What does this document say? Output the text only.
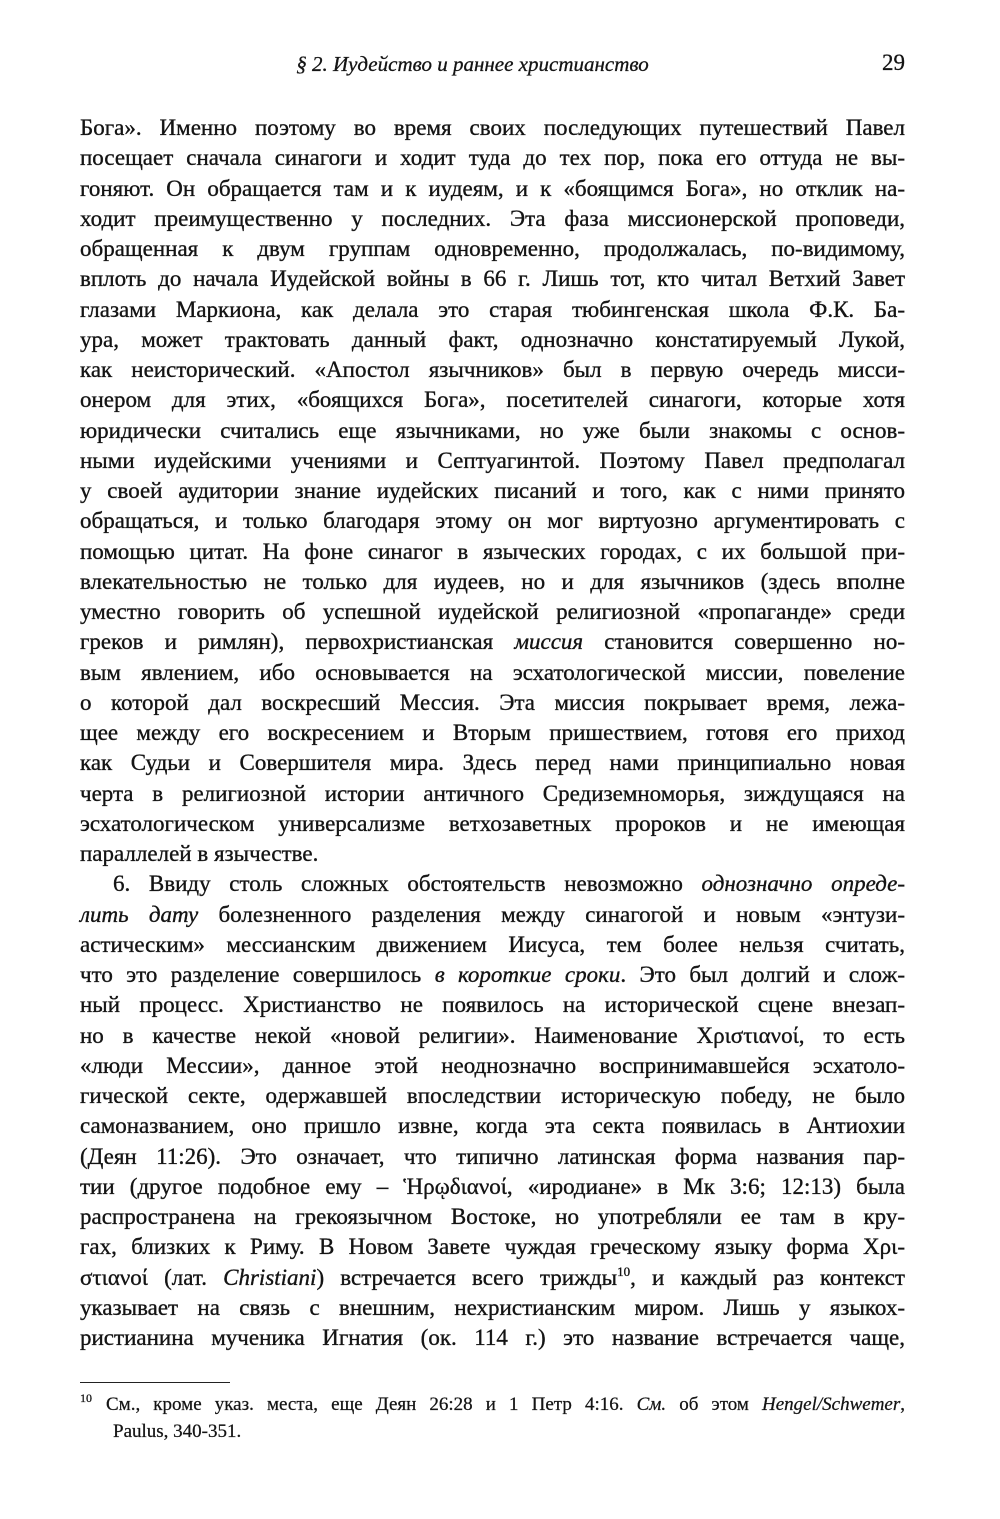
§ 2. Иудейство и раннее христианство	29
Бога». Именно поэтому во время своих последующих путешествий Павел
посещает сначала синагоги и ходит туда до тех пор, пока его оттуда не вы-
гоняют. Он обращается там и к иудеям, и к «боящимся Бога», но отклик на-
ходит преимущественно у последних. Эта фаза миссионерской проповеди,
обращенная к двум группам одновременно, продолжалась, по-видимому,
вплоть до начала Иудейской войны в 66 г. Лишь тот, кто читал Ветхий Завет
глазами Маркиона, как делала это старая тюбингенская школа Ф.К. Ба-
ура, может трактовать данный факт, однозначно констатируемый Лукой,
как неисторический. «Апостол язычников» был в первую очередь мисси-
онером для этих, «боящихся Бога», посетителей синагоги, которые хотя
юридически считались еще язычниками, но уже были знакомы с основ-
ными иудейскими учениями и Септуагинтой. Поэтому Павел предполагал
у своей аудитории знание иудейских писаний и того, как с ними принято
обращаться, и только благодаря этому он мог виртуозно аргументировать с
помощью цитат. На фоне синагог в языческих городах, с их большой при-
влекательностью не только для иудеев, но и для язычников (здесь вполне
уместно говорить об успешной иудейской религиозной «пропаганде» среди
греков и римлян), первохристианская миссия становится совершенно но-
вым явлением, ибо основывается на эсхатологической миссии, повеление
о которой дал воскресший Мессия. Эта миссия покрывает время, лежа-
щее между его воскресением и Вторым пришествием, готовя его приход
как Судьи и Совершителя мира. Здесь перед нами принципиально новая
черта в религиозной истории античного Средиземноморья, зиждущаяся на
эсхатологическом универсализме ветхозаветных пророков и не имеющая
параллелей в язычестве.
6. Ввиду столь сложных обстоятельств невозможно однозначно опреде-
лить дату болезненного разделения между синагогой и новым «энтузи-
астическим» мессианским движением Иисуса, тем более нельзя считать,
что это разделение совершилось в короткие сроки. Это был долгий и слож-
ный процесс. Христианство не появилось на исторической сцене внезап-
но в качестве некой «новой религии». Наименование Χριστιανοί, то есть
«люди Мессии», данное этой неоднозначно воспринимавшейся эсхатоло-
гической секте, одержавшей впоследствии историческую победу, не было
самоназванием, оно пришло извне, когда эта секта появилась в Антиохии
(Деян 11:26). Это означает, что типично латинская форма названия пар-
тии (другое подобное ему – Ἡρῳδιανοί, «иродиане» в Мк 3:6; 12:13) была
распространена на грекоязычном Востоке, но употребляли ее там в кру-
гах, близких к Риму. В Новом Завете чуждая греческому языку форма Χρι-
στιανοί (лат. Christiani) встречается всего трижды$^{10}$, и каждый раз контекст
указывает на связь с внешним, нехристианским миром. Лишь у языкох-
ристианина мученика Игнатия (ок. 114 г.) это название встречается чаще,
$^{10}$ См., кроме указ. места, еще Деян 26:28 и 1 Петр 4:16. См. об этом Hengel/Schwemer,
Paulus, 340-351.
